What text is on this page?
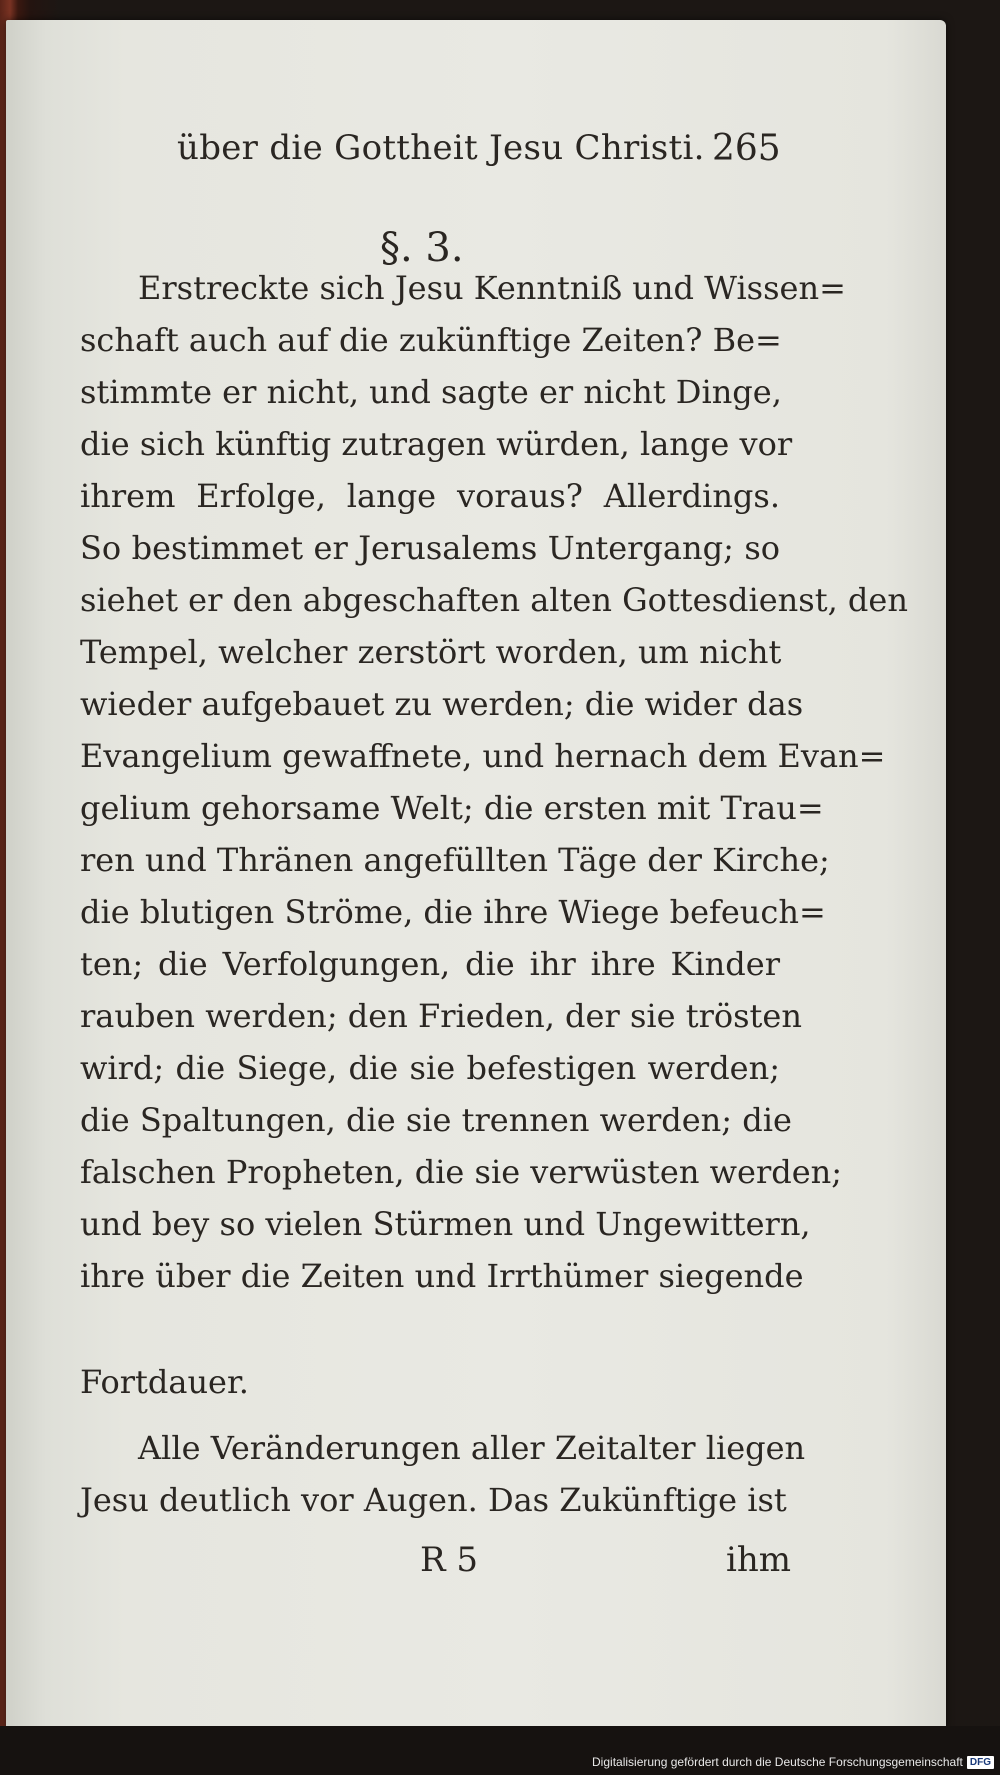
über die Gottheit Jesu Christi. 265
§. 3.
Erstreckte sich Jesu Kenntniß und Wissen=
schaft auch auf die zukünftige Zeiten? Be=
stimmte er nicht, und sagte er nicht Dinge,
die sich künftig zutragen würden, lange vor
ihrem Erfolge, lange voraus? Allerdings.
So bestimmet er Jerusalems Untergang; so
siehet er den abgeschaften alten Gottesdienst, den
Tempel, welcher zerstört worden, um nicht
wieder aufgebauet zu werden; die wider das
Evangelium gewaffnete, und hernach dem Evan=
gelium gehorsame Welt; die ersten mit Trau=
ren und Thränen angefüllten Täge der Kirche;
die blutigen Ströme, die ihre Wiege befeuch=
ten; die Verfolgungen, die ihr ihre Kinder
rauben werden; den Frieden, der sie trösten
wird; die Siege, die sie befestigen werden;
die Spaltungen, die sie trennen werden; die
falschen Propheten, die sie verwüsten werden;
und bey so vielen Stürmen und Ungewittern,
ihre über die Zeiten und Irrthümer siegende
Fortdauer.
Alle Veränderungen aller Zeitalter liegen
Jesu deutlich vor Augen. Das Zukünftige ist
R 5	ihm
Digitalisierung gefördert durch die Deutsche Forschungsgemeinschaft DFG
